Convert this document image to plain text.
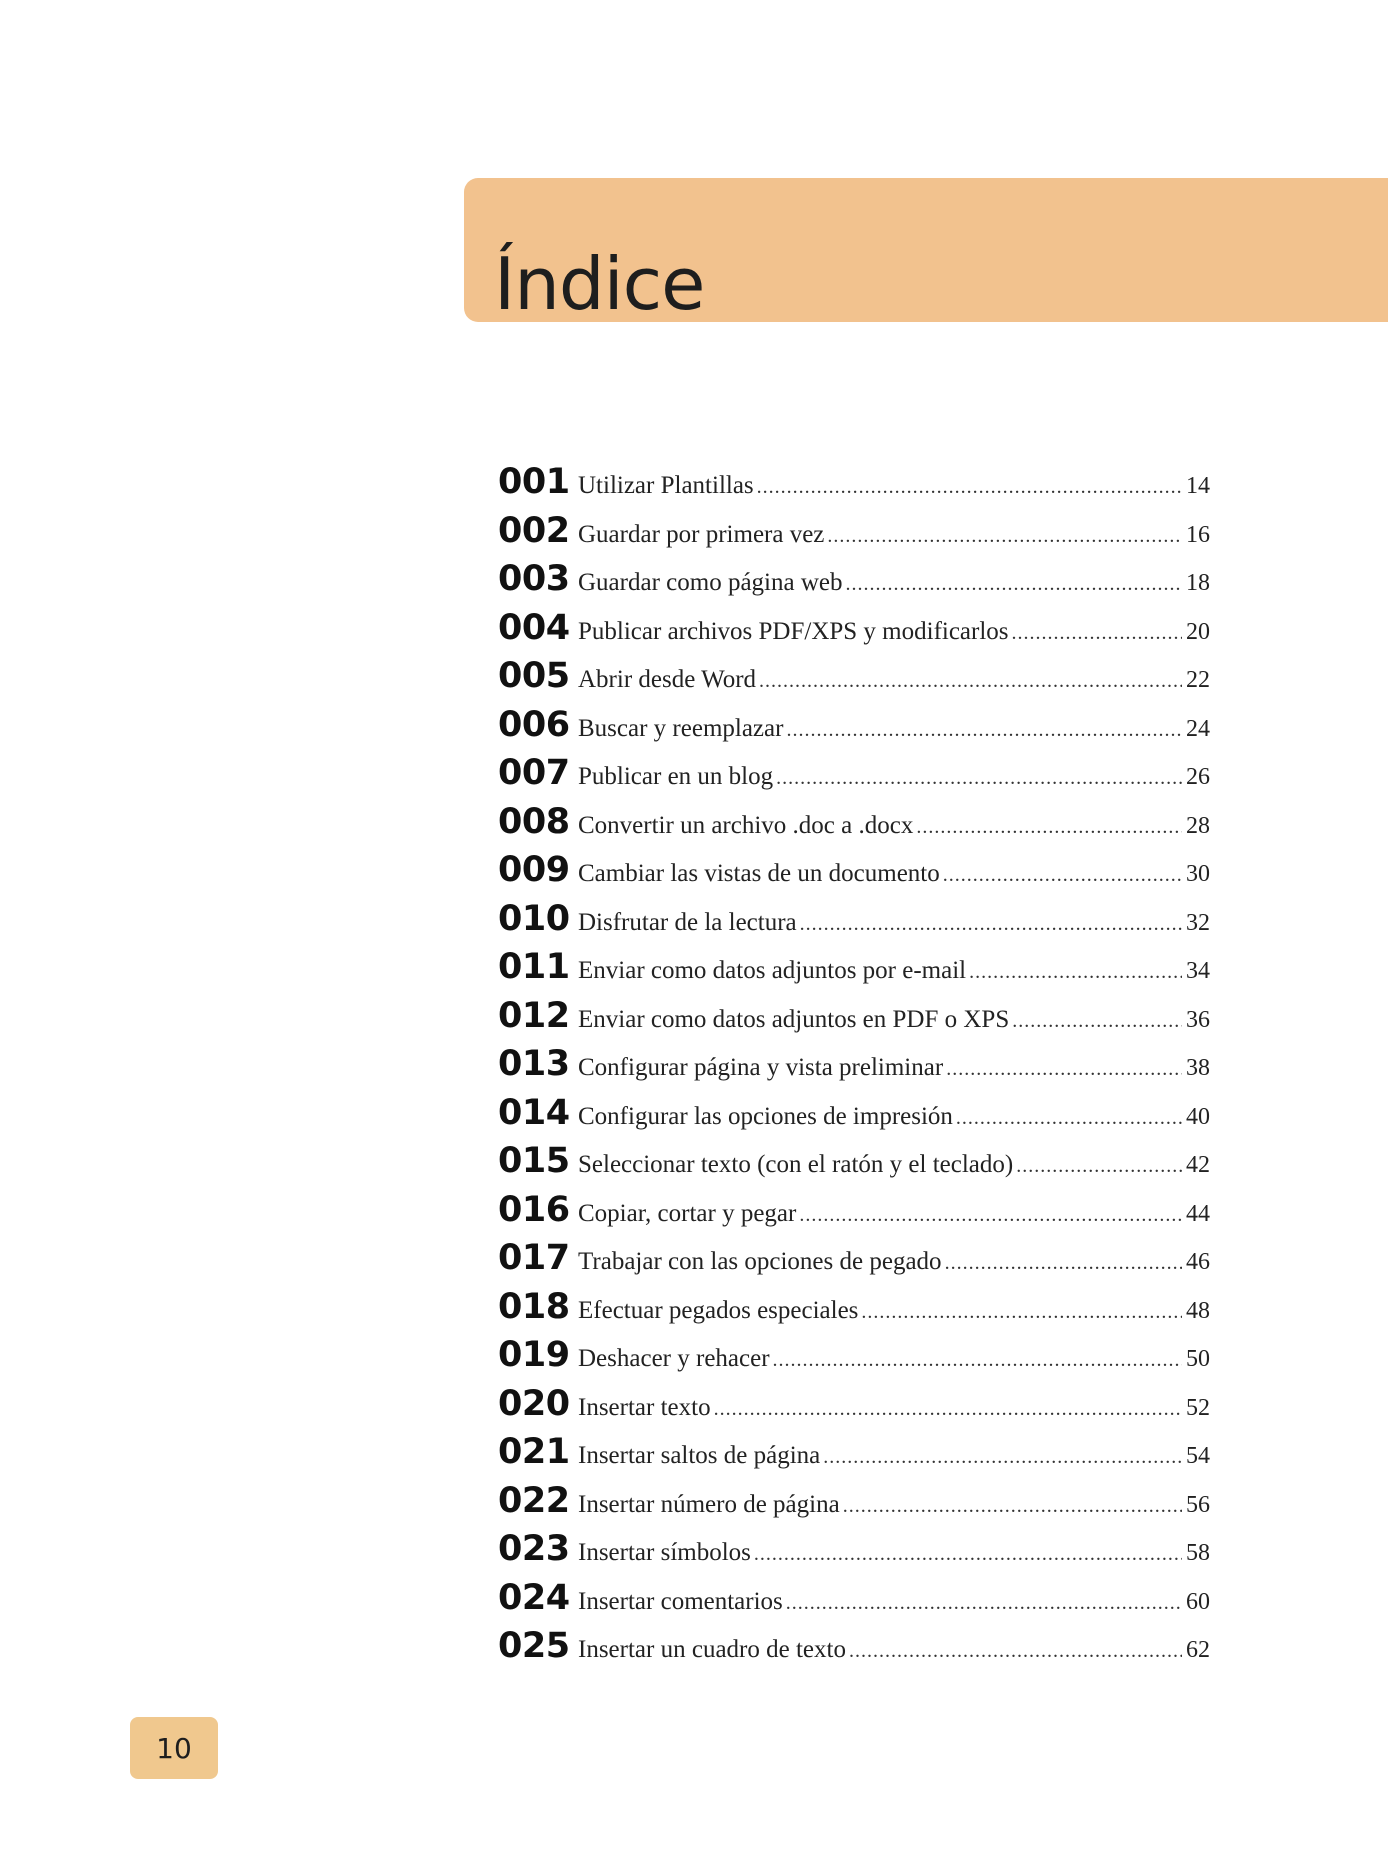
Índice
001 Utilizar Plantillas .....	14
002 Guardar por primera vez .....	16
003 Guardar como página web .....	18
004 Publicar archivos PDF/XPS y modificarlos .....	20
005 Abrir desde Word .....	22
006 Buscar y reemplazar .....	24
007 Publicar en un blog .....	26
008 Convertir un archivo .doc a .docx .....	28
009 Cambiar las vistas de un documento .....	30
010 Disfrutar de la lectura .....	32
011 Enviar como datos adjuntos por e-mail .....	34
012 Enviar como datos adjuntos en PDF o XPS .....	36
013 Configurar página y vista preliminar .....	38
014 Configurar las opciones de impresión .....	40
015 Seleccionar texto (con el ratón y el teclado) .....	42
016 Copiar, cortar y pegar .....	44
017 Trabajar con las opciones de pegado .....	46
018 Efectuar pegados especiales .....	48
019 Deshacer y rehacer .....	50
020 Insertar texto .....	52
021 Insertar saltos de página .....	54
022 Insertar número de página .....	56
023 Insertar símbolos .....	58
024 Insertar comentarios .....	60
025 Insertar un cuadro de texto .....	62
10
